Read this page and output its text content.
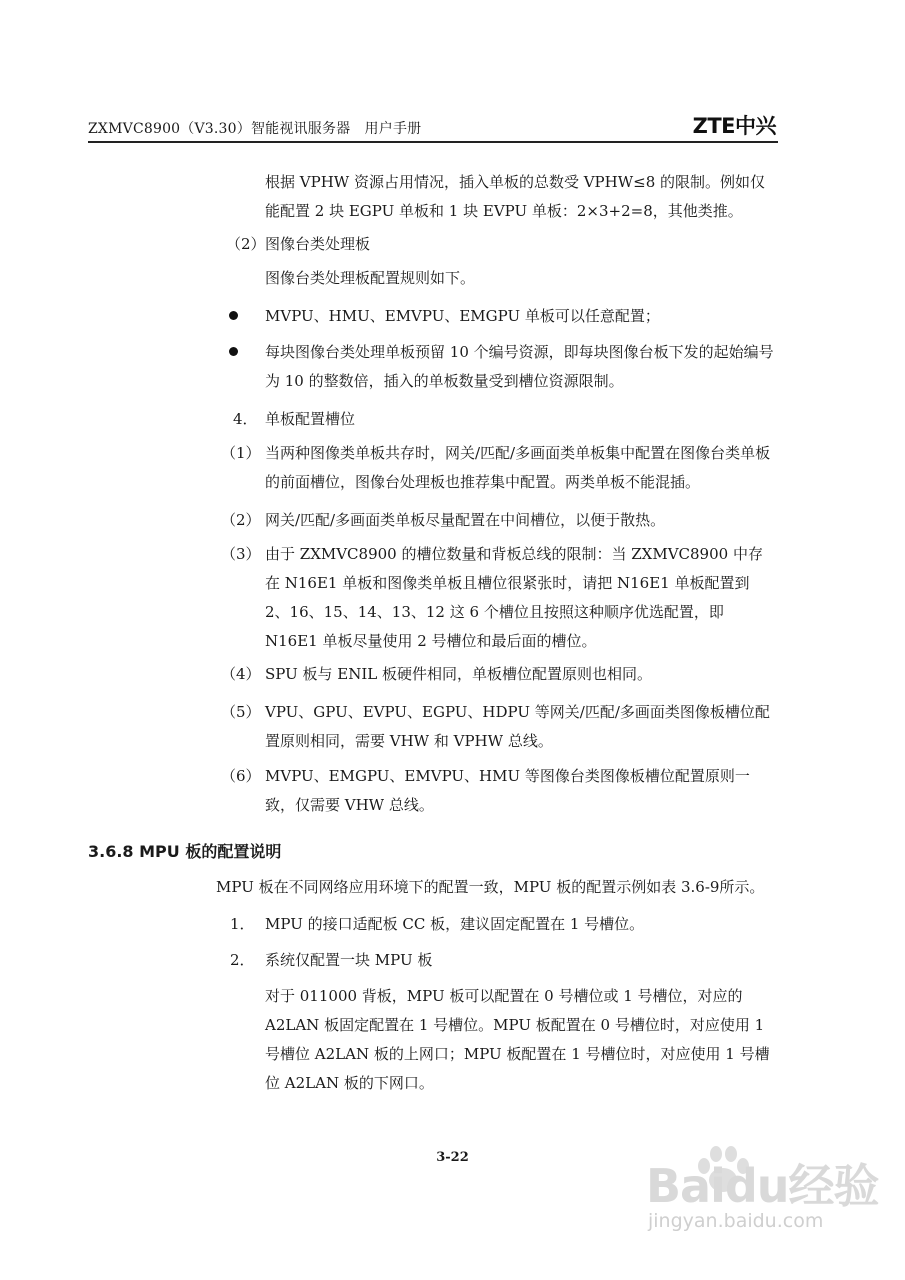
ZXMVC8900（V3.30）智能视讯服务器　用户手册	ZTE中兴
根据 VPHW 资源占用情况，插入单板的总数受 VPHW≤8 的限制。例如仅能配置 2 块 EGPU 单板和 1 块 EVPU 单板：2×3+2=8，其他类推。
（2） 图像台类处理板
图像台类处理板配置规则如下。
MVPU、HMU、EMVPU、EMGPU 单板可以任意配置；
每块图像台类处理单板预留 10 个编号资源，即每块图像台板下发的起始编号为 10 的整数倍，插入的单板数量受到槽位资源限制。
4． 单板配置槽位
（1） 当两种图像类单板共存时，网关/匹配/多画面类单板集中配置在图像台类单板的前面槽位，图像台处理板也推荐集中配置。两类单板不能混插。
（2） 网关/匹配/多画面类单板尽量配置在中间槽位，以便于散热。
（3） 由于 ZXMVC8900 的槽位数量和背板总线的限制：当 ZXMVC8900 中存在 N16E1 单板和图像类单板且槽位很紧张时，请把 N16E1 单板配置到 2、16、15、14、13、12 这 6 个槽位且按照这种顺序优选配置，即 N16E1 单板尽量使用 2 号槽位和最后面的槽位。
（4） SPU 板与 ENIL 板硬件相同，单板槽位配置原则也相同。
（5） VPU、GPU、EVPU、EGPU、HDPU 等网关/匹配/多画面类图像板槽位配置原则相同，需要 VHW 和 VPHW 总线。
（6） MVPU、EMGPU、EMVPU、HMU 等图像台类图像板槽位配置原则一致，仅需要 VHW 总线。
3.6.8 MPU 板的配置说明
MPU 板在不同网络应用环境下的配置一致，MPU 板的配置示例如表 3.6-9所示。
1． MPU 的接口适配板 CC 板，建议固定配置在 1 号槽位。
2． 系统仅配置一块 MPU 板
对于 011000 背板，MPU 板可以配置在 0 号槽位或 1 号槽位，对应的 A2LAN 板固定配置在 1 号槽位。MPU 板配置在 0 号槽位时，对应使用 1 号槽位 A2LAN 板的上网口；MPU 板配置在 1 号槽位时，对应使用 1 号槽位 A2LAN 板的下网口。
3-22
Baidu经验
jingyan.baidu.com
